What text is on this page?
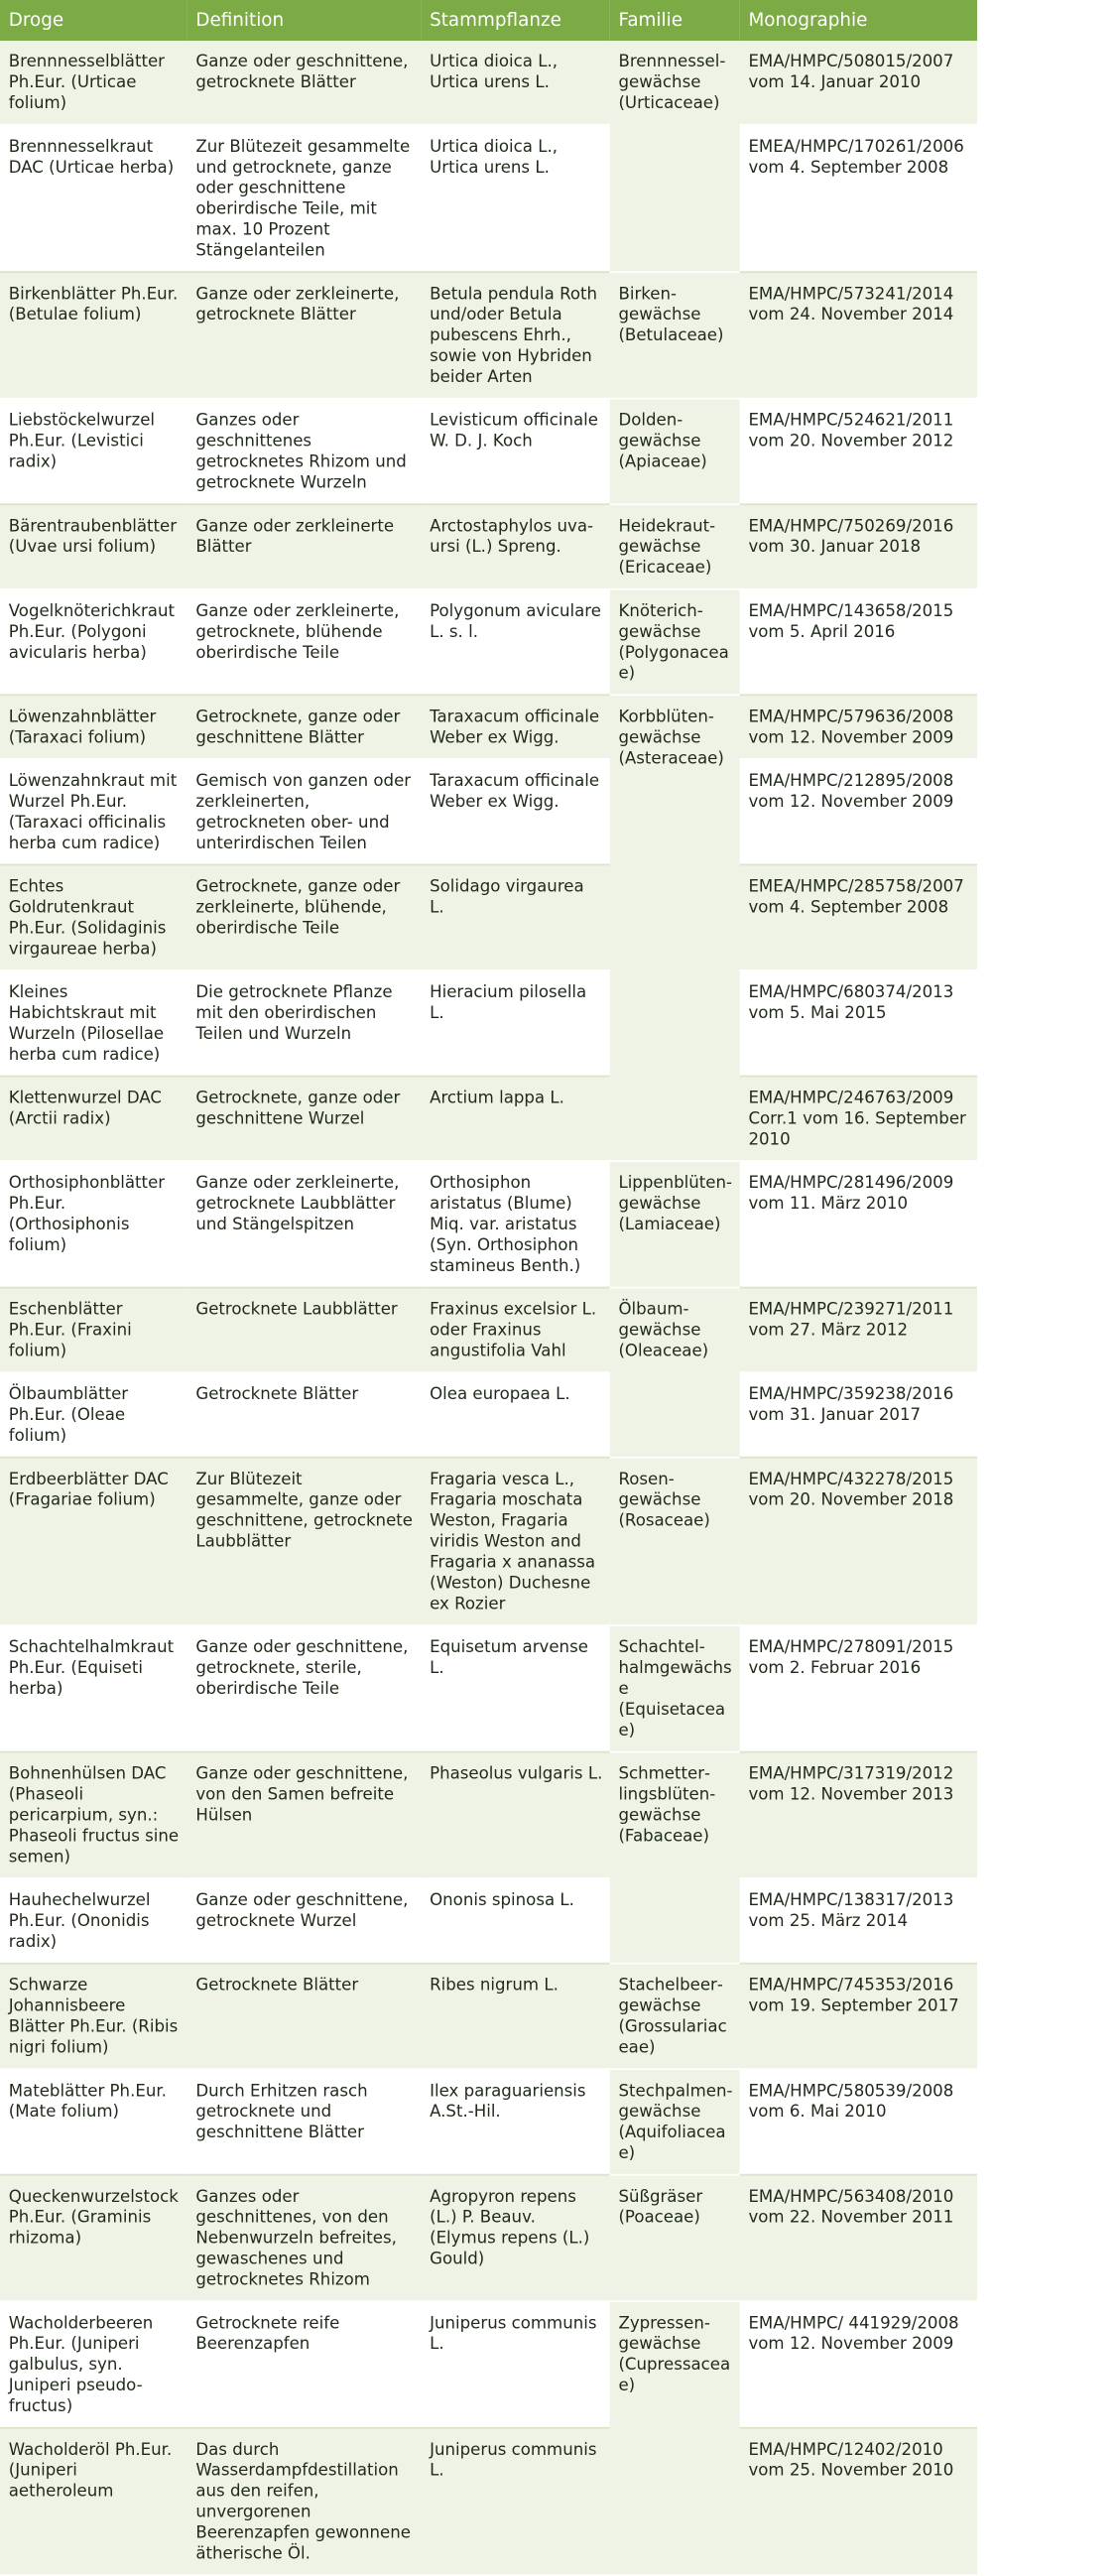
Droge	Definition	Stammpflanze	Familie	Monographie
Brennnesselblätter Ph.Eur. (Urticae folium)	Ganze oder geschnittene, getrocknete Blätter	Urtica dioica L., Urtica urens L.	Brennnesselgewächse (Urticaceae)	EMA/HMPC/508015/2007 vom 14. Januar 2010
Brennnesselkraut DAC (Urticae herba)	Zur Blütezeit gesammelte und getrocknete, ganze oder geschnittene oberirdische Teile, mit max. 10 Prozent Stängelanteilen	Urtica dioica L., Urtica urens L.		EMEA/HMPC/170261/2006 vom 4. September 2008
Birkenblätter Ph.Eur. (Betulae folium)	Ganze oder zerkleinerte, getrocknete Blätter	Betula pendula Roth und/oder Betula pubescens Ehrh., sowie von Hybriden beider Arten	Birkengewächse (Betulaceae)	EMA/HMPC/573241/2014 vom 24. November 2014
Liebstöckelwurzel Ph.Eur. (Levistici radix)	Ganzes oder geschnittenes getrocknetes Rhizom und getrocknete Wurzeln	Levisticum officinale W. D. J. Koch	Doldengewächse (Apiaceae)	EMA/HMPC/524621/2011 vom 20. November 2012
Bärentraubenblätter (Uvae ursi folium)	Ganze oder zerkleinerte Blätter	Arctostaphylos uva-ursi (L.) Spreng.	Heidekrautgewächse (Ericaceae)	EMA/HMPC/750269/2016 vom 30. Januar 2018
Vogelknöterichkraut Ph.Eur. (Polygoni avicularis herba)	Ganze oder zerkleinerte, getrocknete, blühende oberirdische Teile	Polygonum aviculare L. s. l.	Knöterichgewächse (Polygonaceae)	EMA/HMPC/143658/2015 vom 5. April 2016
Löwenzahnblätter (Taraxaci folium)	Getrocknete, ganze oder geschnittene Blätter	Taraxacum officinale Weber ex Wigg.	Korbblütengewächse (Asteraceae)	EMA/HMPC/579636/2008 vom 12. November 2009
Löwenzahnkraut mit Wurzel Ph.Eur. (Taraxaci officinalis herba cum radice)	Gemisch von ganzen oder zerkleinerten, getrockneten ober- und unterirdischen Teilen	Taraxacum officinale Weber ex Wigg.		EMA/HMPC/212895/2008 vom 12. November 2009
Echtes Goldrutenkraut Ph.Eur. (Solidaginis virgaureae herba)	Getrocknete, ganze oder zerkleinerte, blühende, oberirdische Teile	Solidago virgaurea L.		EMEA/HMPC/285758/2007 vom 4. September 2008
Kleines Habichtskraut mit Wurzeln (Pilosellae herba cum radice)	Die getrocknete Pflanze mit den oberirdischen Teilen und Wurzeln	Hieracium pilosella L.		EMA/HMPC/680374/2013 vom 5. Mai 2015
Klettenwurzel DAC (Arctii radix)	Getrocknete, ganze oder geschnittene Wurzel	Arctium lappa L.		EMA/HMPC/246763/2009 Corr.1 vom 16. September 2010
Orthosiphonblätter Ph.Eur. (Orthosiphonis folium)	Ganze oder zerkleinerte, getrocknete Laubblätter und Stängelspitzen	Orthosiphon aristatus (Blume) Miq. var. aristatus (Syn. Orthosiphon stamineus Benth.)	Lippenblütengewächse (Lamiaceae)	EMA/HMPC/281496/2009 vom 11. März 2010
Eschenblätter Ph.Eur. (Fraxini folium)	Getrocknete Laubblätter	Fraxinus excelsior L. oder Fraxinus angustifolia Vahl	Ölbaumgewächse (Oleaceae)	EMA/HMPC/239271/2011 vom 27. März 2012
Ölbaumblätter Ph.Eur. (Oleae folium)	Getrocknete Blätter	Olea europaea L.		EMA/HMPC/359238/2016 vom 31. Januar 2017
Erdbeerblätter DAC (Fragariae folium)	Zur Blütezeit gesammelte, ganze oder geschnittene, getrocknete Laubblätter	Fragaria vesca L., Fragaria moschata Weston, Fragaria viridis Weston and Fragaria x ananassa (Weston) Duchesne ex Rozier	Rosengewächse (Rosaceae)	EMA/HMPC/432278/2015 vom 20. November 2018
Schachtelhalmkraut Ph.Eur. (Equiseti herba)	Ganze oder geschnittene, getrocknete, sterile, oberirdische Teile	Equisetum arvense L.	Schachtelhalmgewächse (Equisetaceae)	EMA/HMPC/278091/2015 vom 2. Februar 2016
Bohnenhülsen DAC (Phaseoli pericarpium, syn.: Phaseoli fructus sine semen)	Ganze oder geschnittene, von den Samen befreite Hülsen	Phaseolus vulgaris L.	Schmetterlingsblütengewächse (Fabaceae)	EMA/HMPC/317319/2012 vom 12. November 2013
Hauhechelwurzel Ph.Eur. (Ononidis radix)	Ganze oder geschnittene, getrocknete Wurzel	Ononis spinosa L.		EMA/HMPC/138317/2013 vom 25. März 2014
Schwarze Johannisbeere Blätter Ph.Eur. (Ribis nigri folium)	Getrocknete Blätter	Ribes nigrum L.	Stachelbeergewächse (Grossulariaceae)	EMA/HMPC/745353/2016 vom 19. September 2017
Mateblätter Ph.Eur. (Mate folium)	Durch Erhitzen rasch getrocknete und geschnittene Blätter	Ilex paraguariensis A.St.-Hil.	Stechpalmengewächse (Aquifoliaceae)	EMA/HMPC/580539/2008 vom 6. Mai 2010
Queckenwurzelstock Ph.Eur. (Graminis rhizoma)	Ganzes oder geschnittenes, von den Nebenwurzeln befreites, gewaschenes und getrocknetes Rhizom	Agropyron repens (L.) P. Beauv. (Elymus repens (L.) Gould)	Süßgräser (Poaceae)	EMA/HMPC/563408/2010 vom 22. November 2011
Wacholderbeeren Ph.Eur. (Juniperi galbulus, syn. Juniperi pseudo-fructus)	Getrocknete reife Beerenzapfen	Juniperus communis L.	Zypressengewächse (Cupressaceae)	EMA/HMPC/ 441929/2008 vom 12. November 2009
Wacholderöl Ph.Eur. (Juniperi aetheroleum	Das durch Wasserdampfdestillation aus den reifen, unvergorenen Beerenzapfen gewonnene ätherische Öl.	Juniperus communis L.		EMA/HMPC/12402/2010 vom 25. November 2010
